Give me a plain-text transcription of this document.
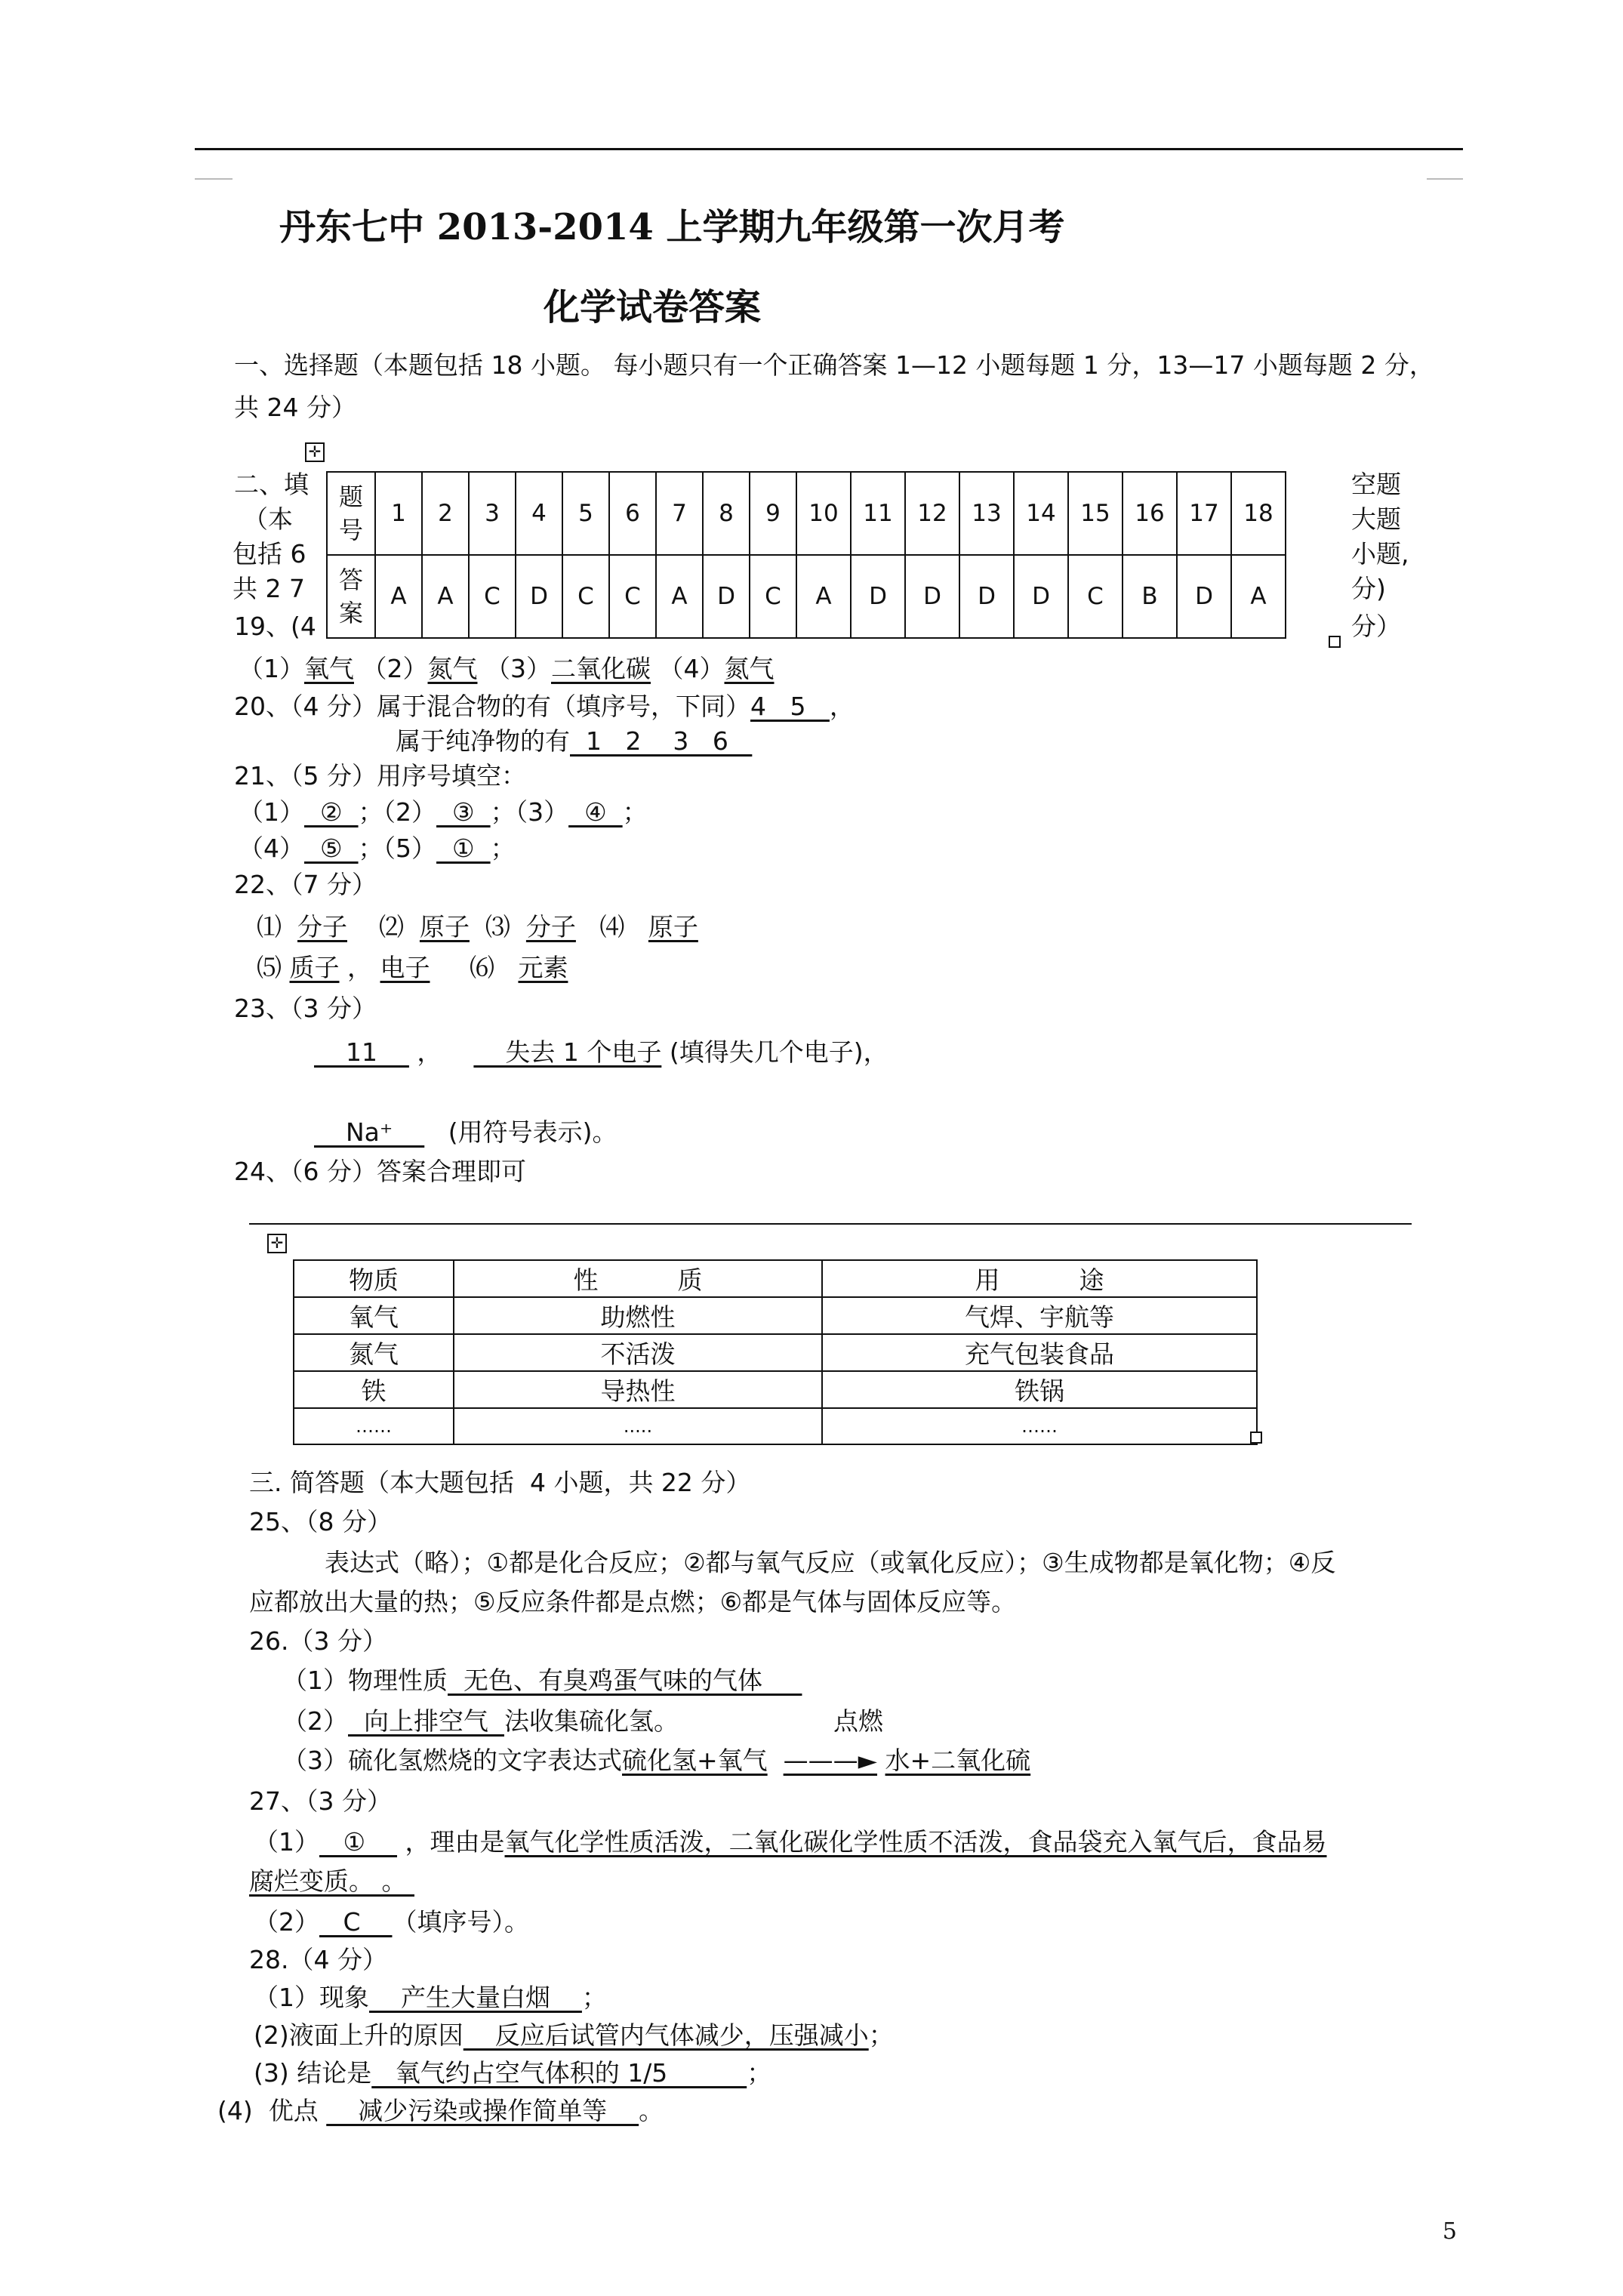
丹东七中 2013-2014 上学期九年级第一次月考
化学试卷答案
一、选择题（本题包括 18 小题。 每小题只有一个正确答案 1—12 小题每题 1 分，13—17 小题每题 2 分，共 24 分）
二、填
（本
包括 6
共 2 7
19、(4
空题
大题
小题,
分)
分）
✛
题号	1	2	3	4	5	6	7	8	9	10	11	12	13	14	15	16	17	18
答案	A	A	C	D	C	C	A	D	C	A	D	D	D	D	C	B	D	A
（1）氧气 （2）氮气 （3）二氧化碳 （4）氮气
20、（4 分）属于混合物的有（填序号，下同）4   5   ，
属于纯净物的有  1   2    3   6
21、（5 分）用序号填空：
（1）  ②  ；（2）  ③  ；（3）  ④  ；
（4）  ⑤  ；（5）  ①  ；
22、（7 分）
⑴ 分子 ⑵ 原子 ⑶ 分子 ⑷ 原子
⑸ 质子 ， 电子 ⑹ 元素
23、（3 分）
11     ，        失去 1 个电子 (填得失几个电子)，
Na⁺       (用符号表示)。
24、（6 分）答案合理即可
✛
物质	性          质	用          途
氧气	助燃性	气焊、宇航等
氮气	不活泼	充气包装食品
铁	导热性	铁锅
……	.....	……
三. 简答题（本大题包括  4 小题，共 22 分）
25、（8 分）
表达式（略）；①都是化合反应；②都与氧气反应（或氧化反应）；③生成物都是氧化物；④反
应都放出大量的热；⑤反应条件都是点燃；⑥都是气体与固体反应等。
26.（3 分）
（1）物理性质  无色、有臭鸡蛋气味的气体
（2）  向上排空气  法收集硫化氢。	点燃
（3）硫化氢燃烧的文字表达式硫化氢+氧气 ———► 水+二氧化硫
27、（3 分）
（1）   ①     ，理由是氧气化学性质活泼，二氧化碳化学性质不活泼，食品袋充入氧气后，食品易
腐烂变质。 。
（2）   C    （填序号）。
28.（4 分）
（1）现象    产生大量白烟    ；
(2)液面上升的原因    反应后试管内气体减少，压强减小；
(3) 结论是   氧气约占空气体积的 1/5          ；
(4)  优点     减少污染或操作简单等    。
5
